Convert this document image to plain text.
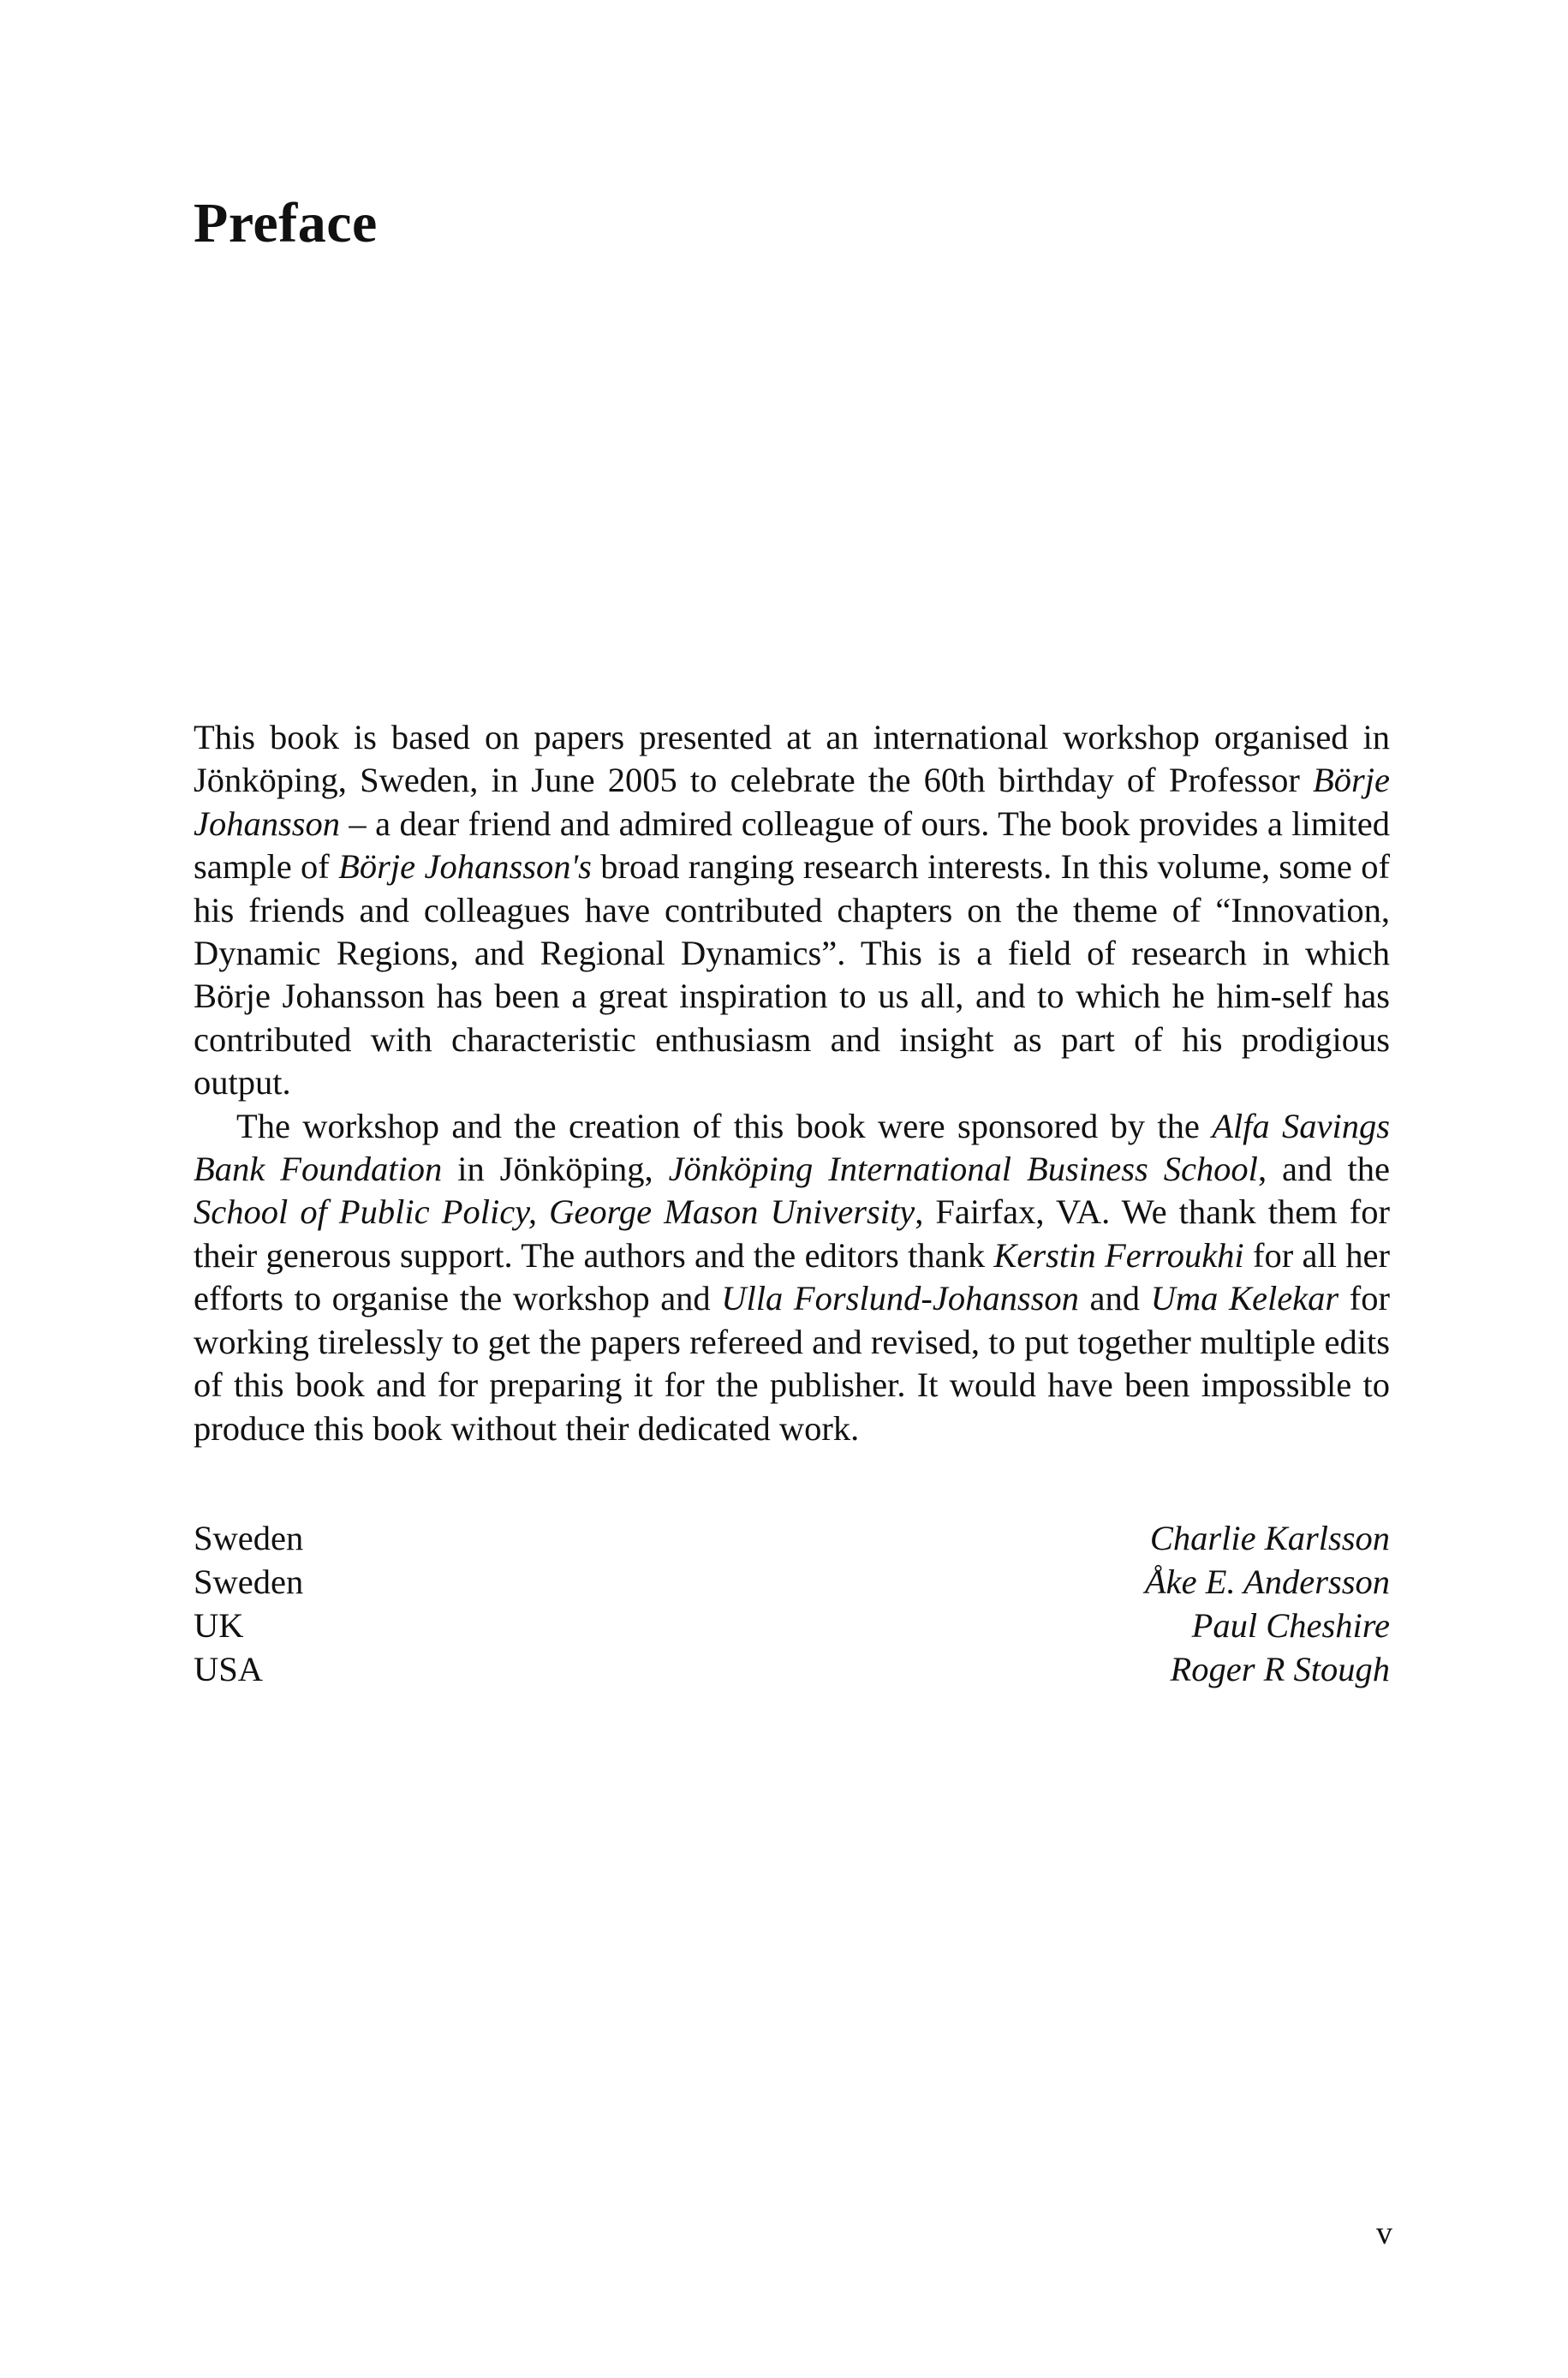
Preface

This book is based on papers presented at an international workshop organised in Jönköping, Sweden, in June 2005 to celebrate the 60th birthday of Professor Börje Johansson – a dear friend and admired colleague of ours. The book provides a limited sample of Börje Johansson's broad ranging research interests. In this volume, some of his friends and colleagues have contributed chapters on the theme of “Innovation, Dynamic Regions, and Regional Dynamics”. This is a field of research in which Börje Johansson has been a great inspiration to us all, and to which he him-self has contributed with characteristic enthusiasm and insight as part of his prodigious output.

The workshop and the creation of this book were sponsored by the Alfa Savings Bank Foundation in Jönköping, Jönköping International Business School, and the School of Public Policy, George Mason University, Fairfax, VA. We thank them for their generous support. The authors and the editors thank Kerstin Ferroukhi for all her efforts to organise the workshop and Ulla Forslund-Johansson and Uma Kelekar for working tirelessly to get the papers refereed and revised, to put together multiple edits of this book and for preparing it for the publisher. It would have been impossible to produce this book without their dedicated work.

Sweden	Charlie Karlsson
Sweden	Åke E. Andersson
UK	Paul Cheshire
USA	Roger R Stough
v
